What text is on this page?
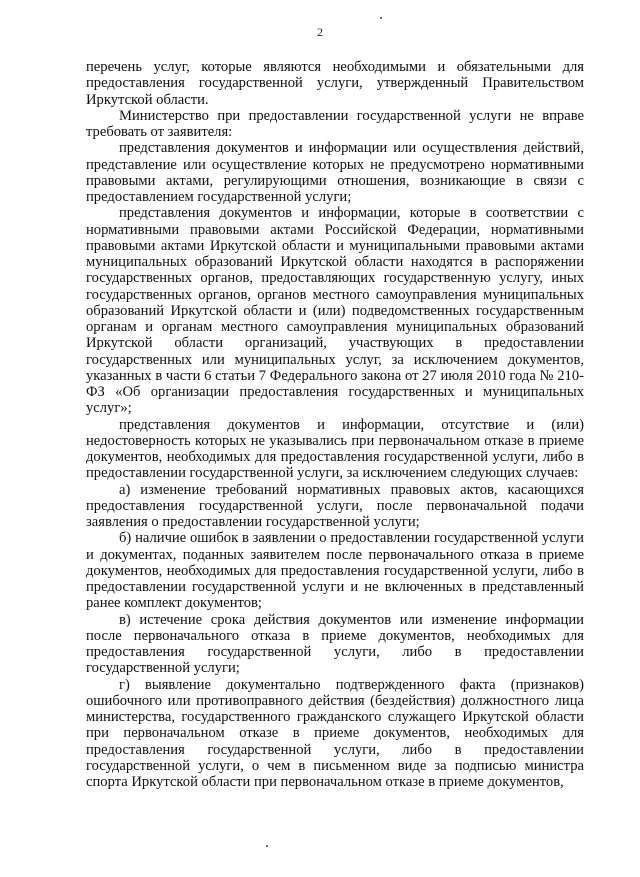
2

перечень услуг, которые являются необходимыми и обязательными для предоставления государственной услуги, утвержденный Правительством Иркутской области.

Министерство при предоставлении государственной услуги не вправе требовать от заявителя:

представления документов и информации или осуществления действий, представление или осуществление которых не предусмотрено нормативными правовыми актами, регулирующими отношения, возникающие в связи с предоставлением государственной услуги;

представления документов и информации, которые в соответствии с нормативными правовыми актами Российской Федерации, нормативными правовыми актами Иркутской области и муниципальными правовыми актами муниципальных образований Иркутской области находятся в распоряжении государственных органов, предоставляющих государственную услугу, иных государственных органов, органов местного самоуправления муниципальных образований Иркутской области и (или) подведомственных государственным органам и органам местного самоуправления муниципальных образований Иркутской области организаций, участвующих в предоставлении государственных или муниципальных услуг, за исключением документов, указанных в части 6 статьи 7 Федерального закона от 27 июля 2010 года № 210-ФЗ «Об организации предоставления государственных и муниципальных услуг»;

представления документов и информации, отсутствие и (или) недостоверность которых не указывались при первоначальном отказе в приеме документов, необходимых для предоставления государственной услуги, либо в предоставлении государственной услуги, за исключением следующих случаев:

а) изменение требований нормативных правовых актов, касающихся предоставления государственной услуги, после первоначальной подачи заявления о предоставлении государственной услуги;

б) наличие ошибок в заявлении о предоставлении государственной услуги и документах, поданных заявителем после первоначального отказа в приеме документов, необходимых для предоставления государственной услуги, либо в предоставлении государственной услуги и не включенных в представленный ранее комплект документов;

в) истечение срока действия документов или изменение информации после первоначального отказа в приеме документов, необходимых для предоставления государственной услуги, либо в предоставлении государственной услуги;

г) выявление документально подтвержденного факта (признаков) ошибочного или противоправного действия (бездействия) должностного лица министерства, государственного гражданского служащего Иркутской области при первоначальном отказе в приеме документов, необходимых для предоставления государственной услуги, либо в предоставлении государственной услуги, о чем в письменном виде за подписью министра спорта Иркутской области при первоначальном отказе в приеме документов,
